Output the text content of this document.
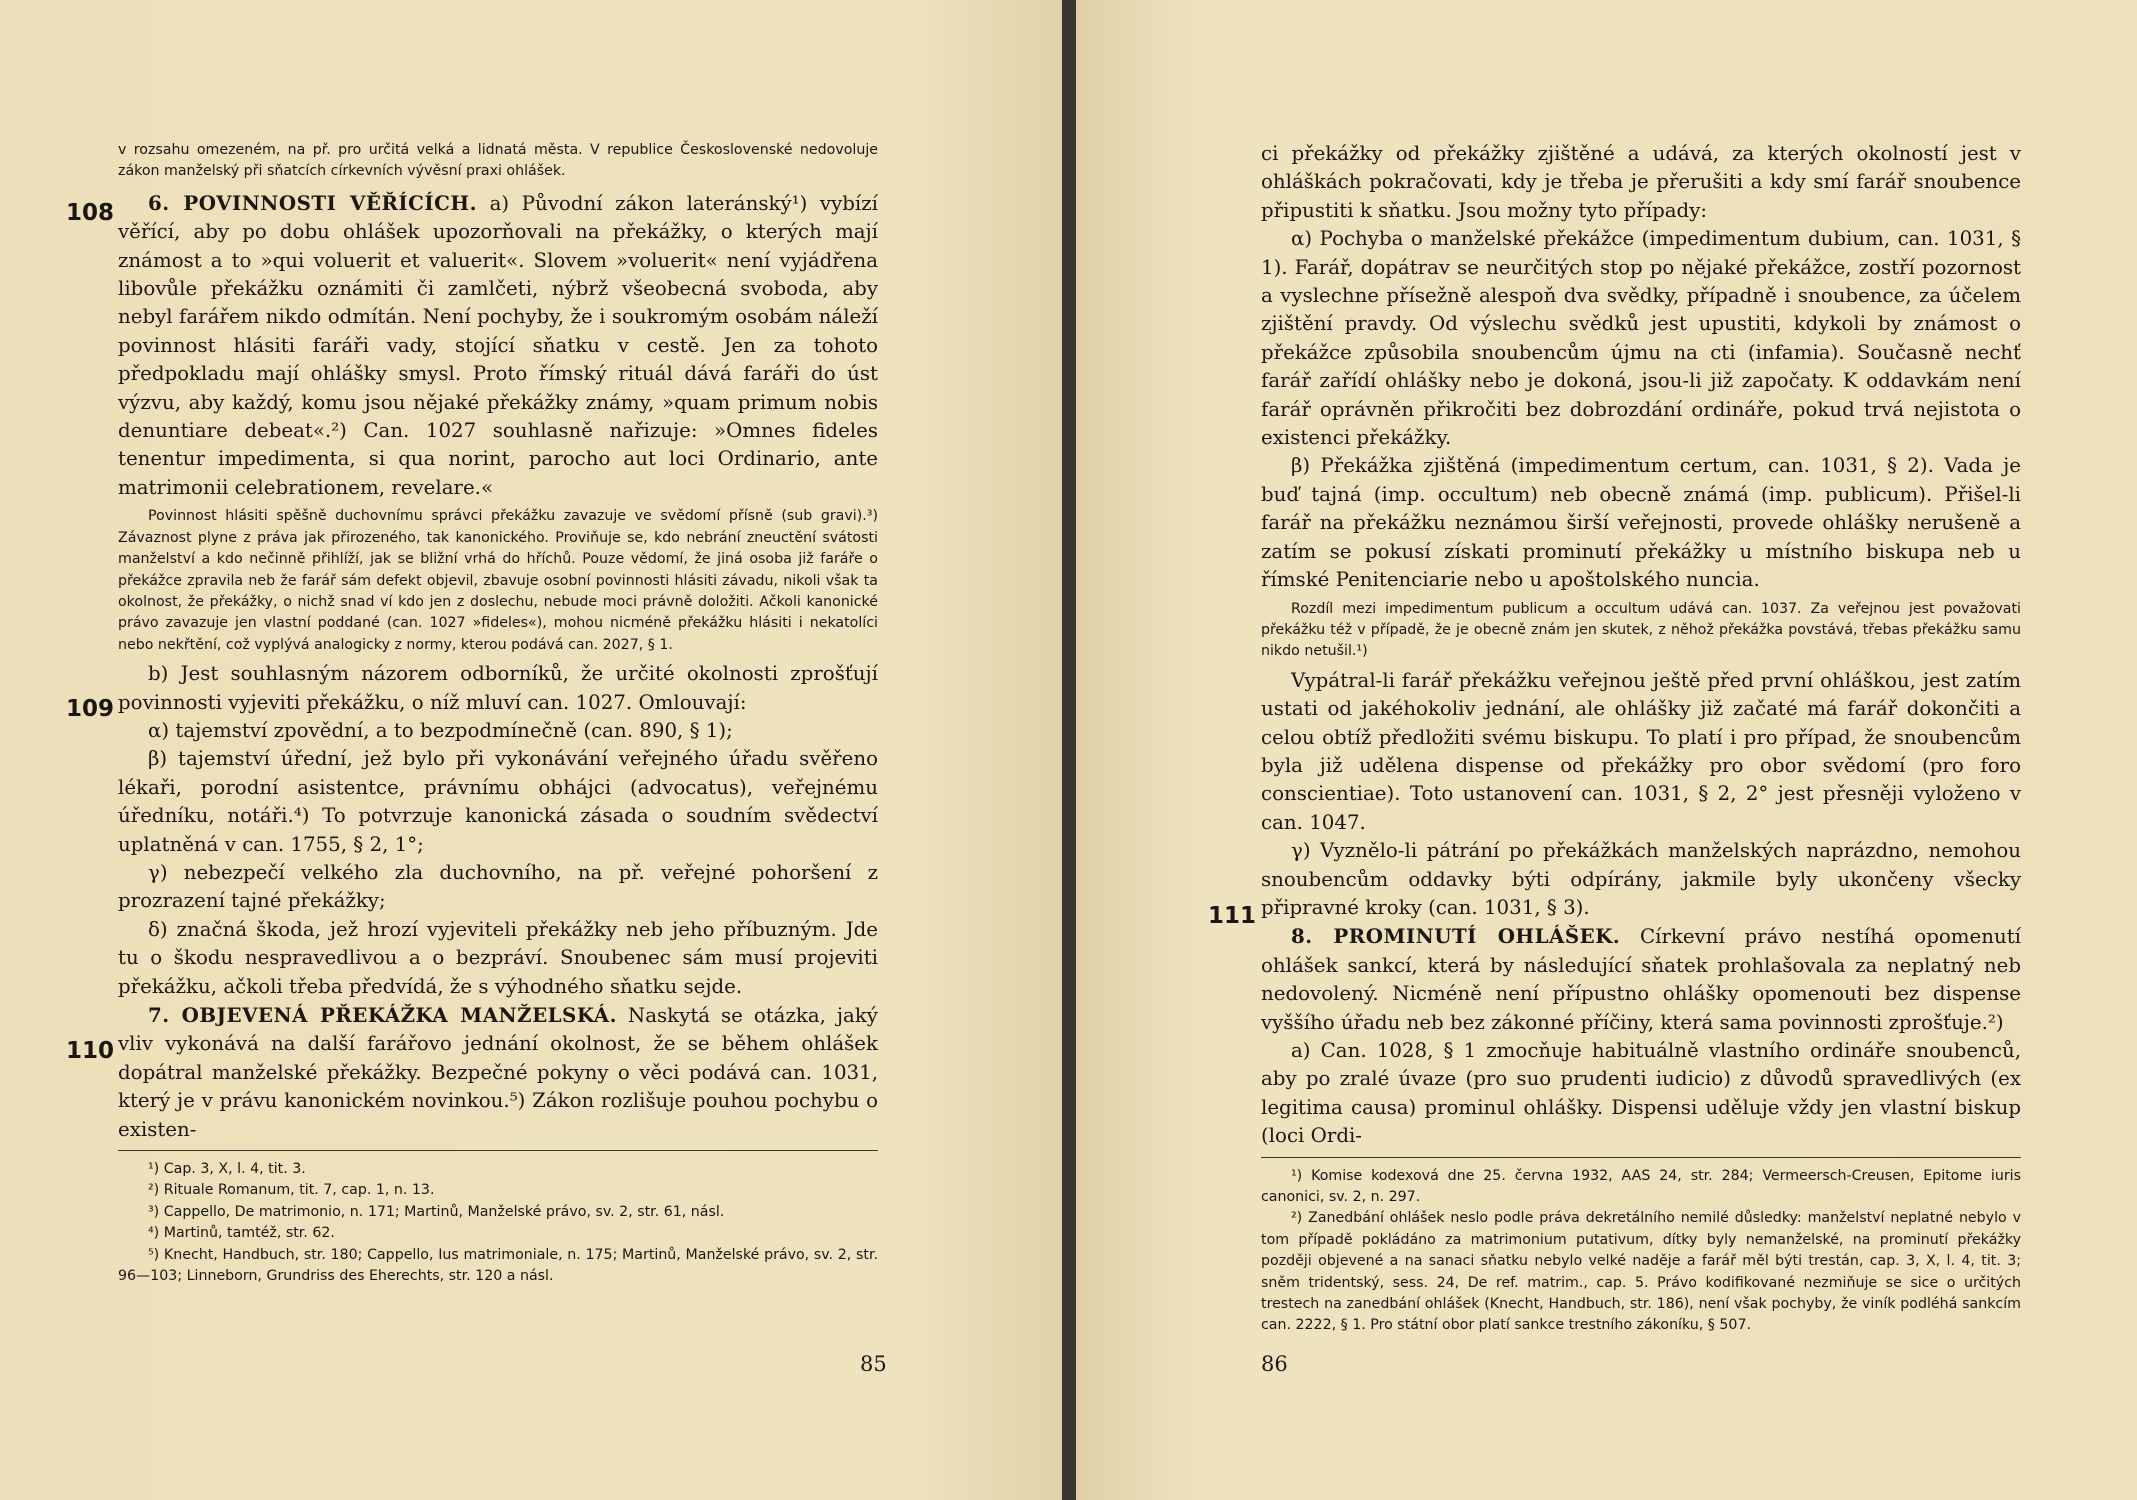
108
109
110

v rozsahu omezeném, na př. pro určitá velká a lidnatá města. V republice Československé nedovoluje zákon manželský při sňatcích církevních vývěsní praxi ohlášek.

6. POVINNOSTI VĚŘÍCÍCH. a) Původní zákon lateránský¹) vybízí věřící, aby po dobu ohlášek upozorňovali na překážky, o kterých mají známost a to »qui voluerit et valuerit«. Slovem »voluerit« není vyjádřena libovůle překážku oznámiti či zamlčeti, nýbrž všeobecná svoboda, aby nebyl farářem nikdo odmítán. Není pochyby, že i soukromým osobám náleží povinnost hlásiti faráři vady, stojící sňatku v cestě. Jen za tohoto předpokladu mají ohlášky smysl. Proto římský rituál dává faráři do úst výzvu, aby každý, komu jsou nějaké překážky známy, »quam primum nobis denuntiare debeat«.²) Can. 1027 souhlasně nařizuje: »Omnes fideles tenentur impedimenta, si qua norint, parocho aut loci Ordinario, ante matrimonii celebrationem, revelare.«

Povinnost hlásiti spěšně duchovnímu správci překážku zavazuje ve svědomí přísně (sub gravi).³) Závaznost plyne z práva jak přirozeného, tak kanonického. Proviňuje se, kdo nebrání zneuctění svátosti manželství a kdo nečinně přihlíží, jak se bližní vrhá do hříchů. Pouze vědomí, že jiná osoba již faráře o překážce zpravila neb že farář sám defekt objevil, zbavuje osobní povinnosti hlásiti závadu, nikoli však ta okolnost, že překážky, o nichž snad ví kdo jen z doslechu, nebude moci právně doložiti. Ačkoli kanonické právo zavazuje jen vlastní poddané (can. 1027 »fideles«), mohou nicméně překážku hlásiti i nekatolíci nebo nekřtění, což vyplývá analogicky z normy, kterou podává can. 2027, § 1.

b) Jest souhlasným názorem odborníků, že určité okolnosti zprošťují povinnosti vyjeviti překážku, o níž mluví can. 1027. Omlouvají:

α) tajemství zpovědní, a to bezpodmínečně (can. 890, § 1);

β) tajemství úřední, jež bylo při vykonávání veřejného úřadu svěřeno lékaři, porodní asistentce, právnímu obhájci (advocatus), veřejnému úředníku, notáři.⁴) To potvrzuje kanonická zásada o soudním svědectví uplatněná v can. 1755, § 2, 1°;

γ) nebezpečí velkého zla duchovního, na př. veřejné pohoršení z prozrazení tajné překážky;

δ) značná škoda, jež hrozí vyjeviteli překážky neb jeho příbuzným. Jde tu o škodu nespravedlivou a o bezpráví. Snoubenec sám musí projeviti překážku, ačkoli třeba předvídá, že s výhodného sňatku sejde.

7. OBJEVENÁ PŘEKÁŽKA MANŽELSKÁ. Naskytá se otázka, jaký vliv vykonává na další farářovo jednání okolnost, že se během ohlášek dopátral manželské překážky. Bezpečné pokyny o věci podává can. 1031, který je v právu kanonickém novinkou.⁵) Zákon rozlišuje pouhou pochybu o existen-

¹) Cap. 3, X, l. 4, tit. 3.

²) Rituale Romanum, tit. 7, cap. 1, n. 13.

³) Cappello, De matrimonio, n. 171; Martinů, Manželské právo, sv. 2, str. 61, násl.

⁴) Martinů, tamtéž, str. 62.

⁵) Knecht, Handbuch, str. 180; Cappello, Ius matrimoniale, n. 175; Martinů, Manželské právo, sv. 2, str. 96—103; Linneborn, Grundriss des Eherechts, str. 120 a násl.

85
111

ci překážky od překážky zjištěné a udává, za kterých okolností jest v ohláškách pokračovati, kdy je třeba je přerušiti a kdy smí farář snoubence připustiti k sňatku. Jsou možny tyto případy:

α) Pochyba o manželské překážce (impedimentum dubium, can. 1031, § 1). Farář, dopátrav se neurčitých stop po nějaké překážce, zostří pozornost a vyslechne přísežně alespoň dva svědky, případně i snoubence, za účelem zjištění pravdy. Od výslechu svědků jest upustiti, kdykoli by známost o překážce způsobila snoubencům újmu na cti (infamia). Současně nechť farář zařídí ohlášky nebo je dokoná, jsou-li již započaty. K oddavkám není farář oprávněn přikročiti bez dobrozdání ordináře, pokud trvá nejistota o existenci překážky.

β) Překážka zjištěná (impedimentum certum, can. 1031, § 2). Vada je buď tajná (imp. occultum) neb obecně známá (imp. publicum). Přišel-li farář na překážku neznámou širší veřejnosti, provede ohlášky nerušeně a zatím se pokusí získati prominutí překážky u místního biskupa neb u římské Penitenciarie nebo u apoštolského nuncia.

Rozdíl mezi impedimentum publicum a occultum udává can. 1037. Za veřejnou jest považovati překážku též v případě, že je obecně znám jen skutek, z něhož překážka povstává, třebas překážku samu nikdo netušil.¹)

Vypátral-li farář překážku veřejnou ještě před první ohláškou, jest zatím ustati od jakéhokoliv jednání, ale ohlášky již začaté má farář dokončiti a celou obtíž předložiti svému biskupu. To platí i pro případ, že snoubencům byla již udělena dispense od překážky pro obor svědomí (pro foro conscientiae). Toto ustanovení can. 1031, § 2, 2° jest přesněji vyloženo v can. 1047.

γ) Vyznělo-li pátrání po překážkách manželských naprázdno, nemohou snoubencům oddavky býti odpírány, jakmile byly ukončeny všecky připravné kroky (can. 1031, § 3).

8. PROMINUTÍ OHLÁŠEK. Církevní právo nestíhá opomenutí ohlášek sankcí, která by následující sňatek prohlašovala za neplatný neb nedovolený. Nicméně není přípustno ohlášky opomenouti bez dispense vyššího úřadu neb bez zákonné příčiny, která sama povinnosti zprošťuje.²)

a) Can. 1028, § 1 zmocňuje habituálně vlastního ordináře snoubenců, aby po zralé úvaze (pro suo prudenti iudicio) z důvodů spravedlivých (ex legitima causa) prominul ohlášky. Dispensi uděluje vždy jen vlastní biskup (loci Ordi-

¹) Komise kodexová dne 25. června 1932, AAS 24, str. 284; Vermeersch-Creusen, Epitome iuris canonici, sv. 2, n. 297.

²) Zanedbání ohlášek neslo podle práva dekretálního nemilé důsledky: manželství neplatné nebylo v tom případě pokládáno za matrimonium putativum, dítky byly nemanželské, na prominutí překážky později objevené a na sanaci sňatku nebylo velké naděje a farář měl býti trestán, cap. 3, X, l. 4, tit. 3; sněm tridentský, sess. 24, De ref. matrim., cap. 5. Právo kodifikované nezmiňuje se sice o určitých trestech na zanedbání ohlášek (Knecht, Handbuch, str. 186), není však pochyby, že viník podléhá sankcím can. 2222, § 1. Pro státní obor platí sankce trestního zákoníku, § 507.

86
